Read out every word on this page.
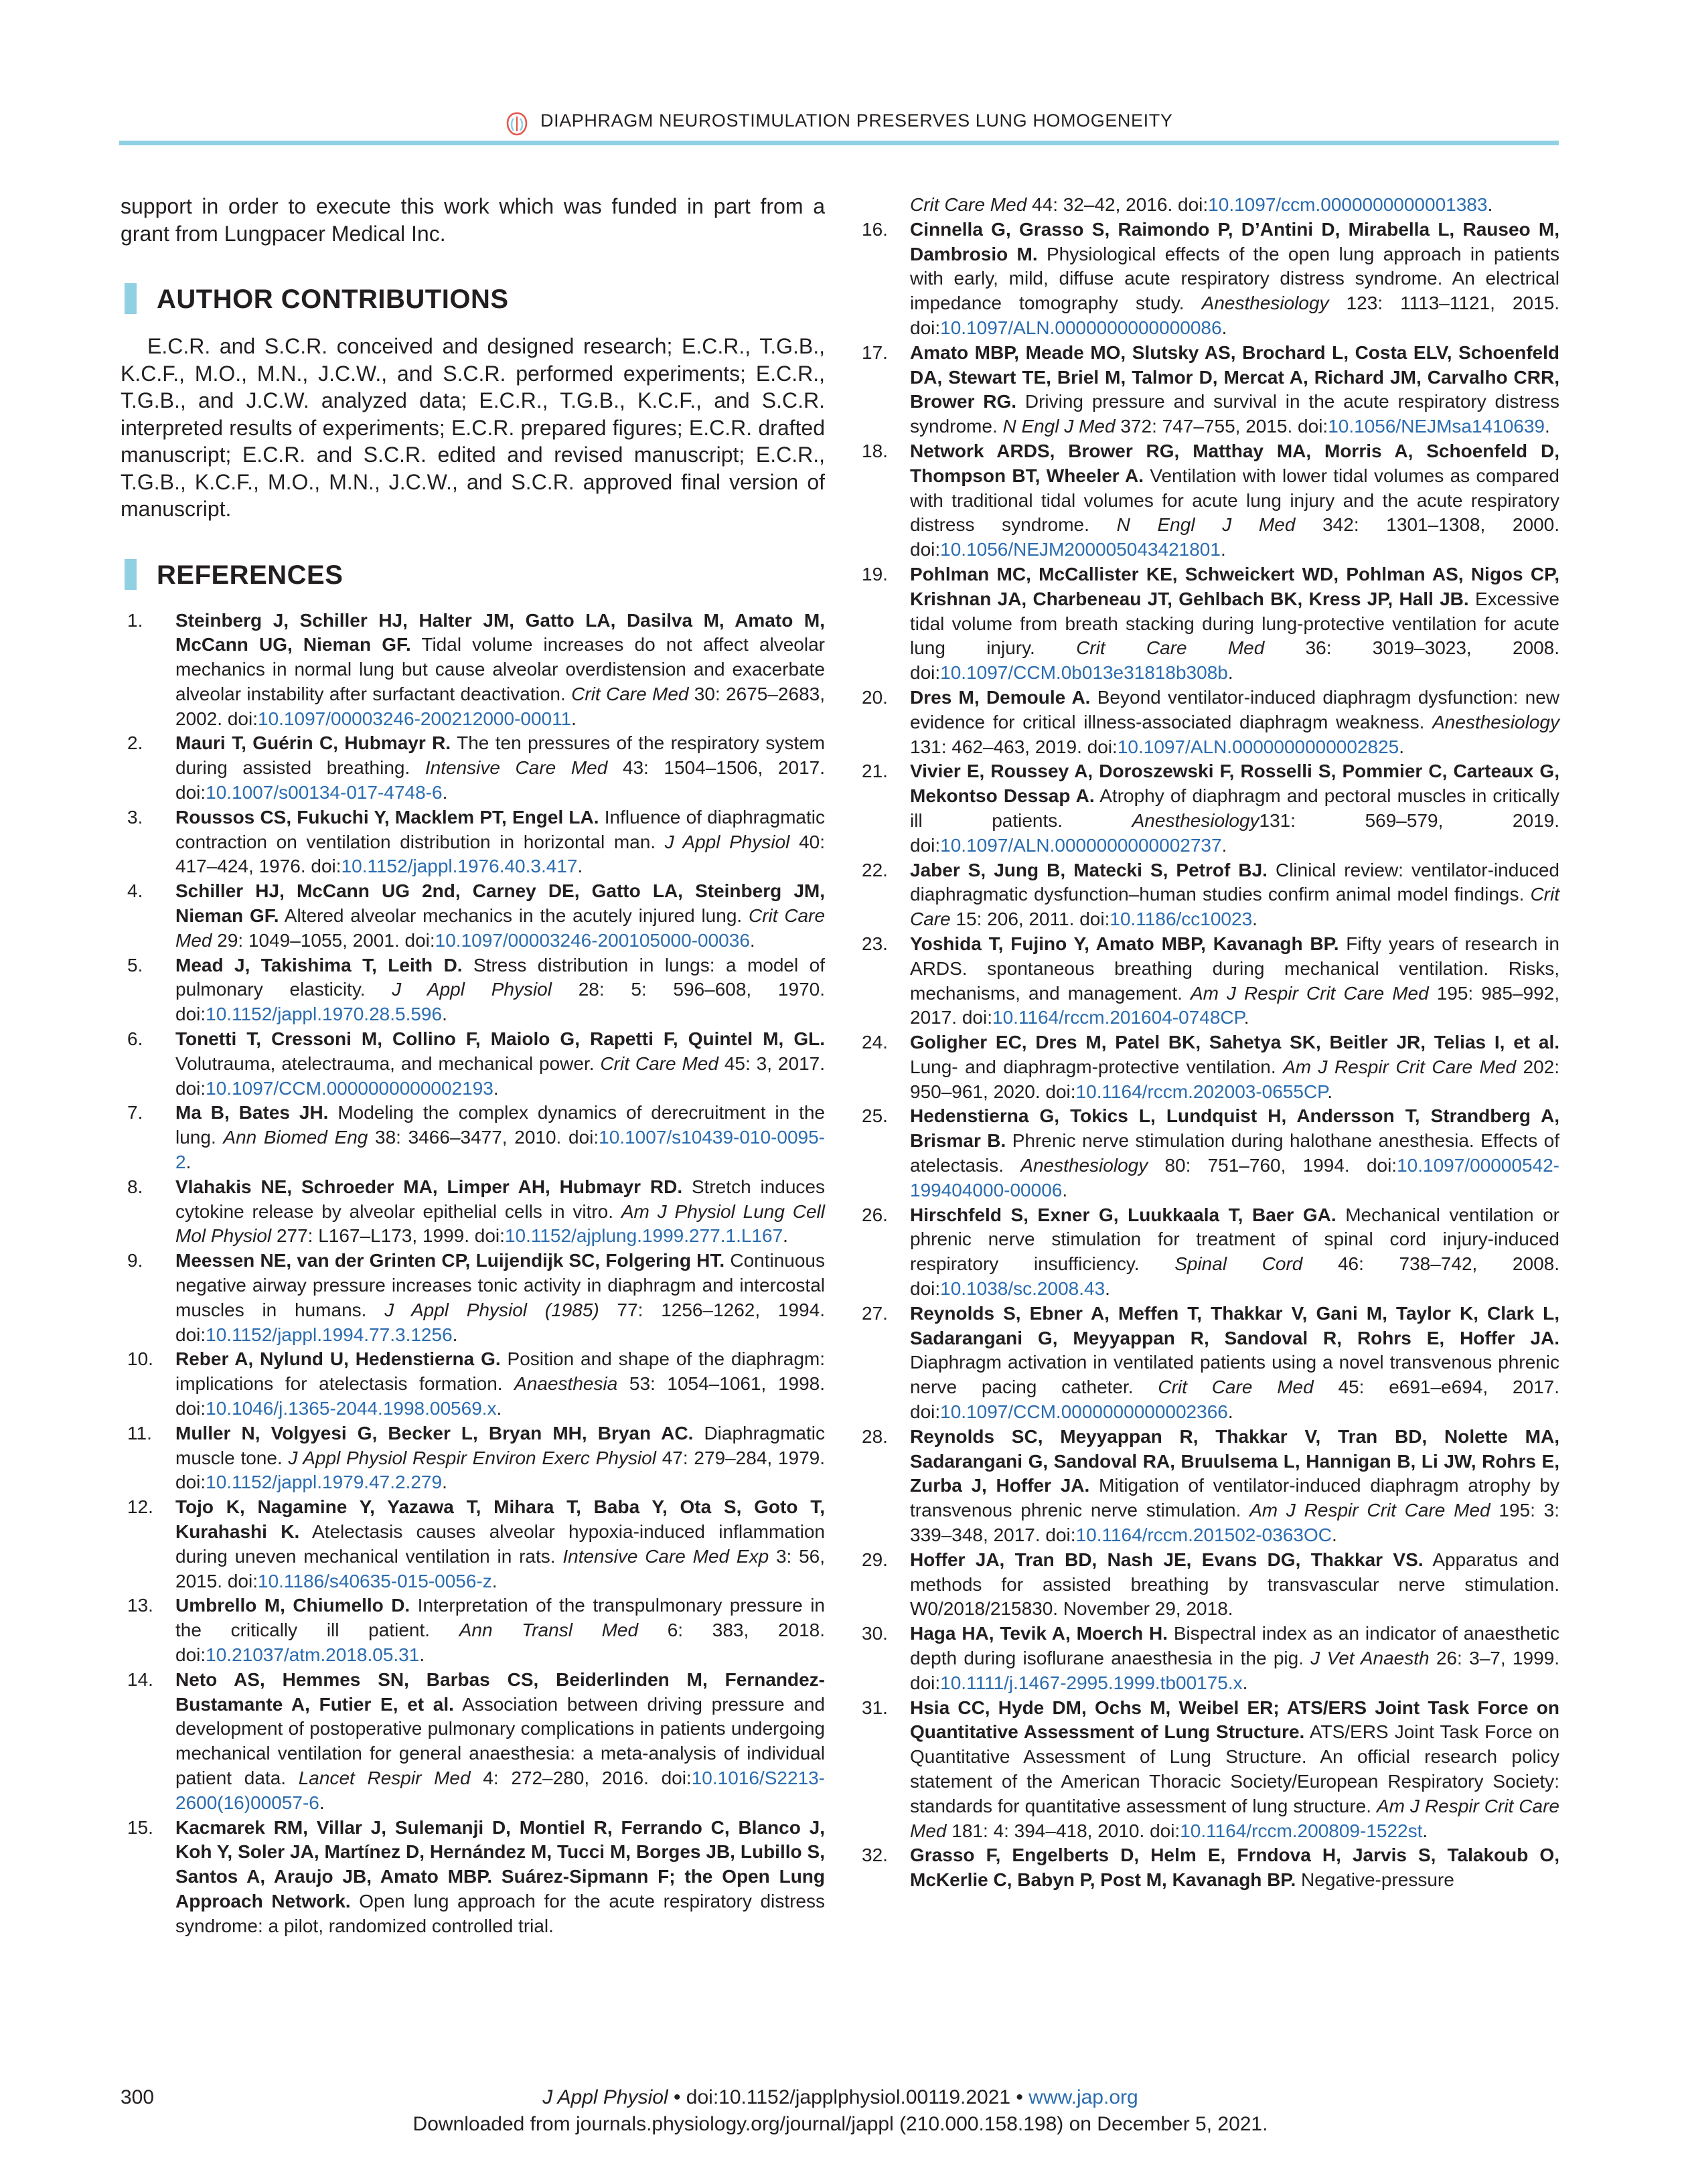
DIAPHRAGM NEUROSTIMULATION PRESERVES LUNG HOMOGENEITY

support in order to execute this work which was funded in part from a grant from Lungpacer Medical Inc.

AUTHOR CONTRIBUTIONS

E.C.R. and S.C.R. conceived and designed research; E.C.R., T.G.B., K.C.F., M.O., M.N., J.C.W., and S.C.R. performed experiments; E.C.R., T.G.B., and J.C.W. analyzed data; E.C.R., T.G.B., K.C.F., and S.C.R. interpreted results of experiments; E.C.R. prepared figures; E.C.R. drafted manuscript; E.C.R. and S.C.R. edited and revised manuscript; E.C.R., T.G.B., K.C.F., M.O., M.N., J.C.W., and S.C.R. approved final version of manuscript.

REFERENCES
1. Steinberg J, Schiller HJ, Halter JM, Gatto LA, Dasilva M, Amato M, McCann UG, Nieman GF. Tidal volume increases do not affect alveolar mechanics in normal lung but cause alveolar overdistension and exacerbate alveolar instability after surfactant deactivation. Crit Care Med 30: 2675–2683, 2002. doi:10.1097/00003246-200212000-00011.
2. Mauri T, Guérin C, Hubmayr R. The ten pressures of the respiratory system during assisted breathing. Intensive Care Med 43: 1504–1506, 2017. doi:10.1007/s00134-017-4748-6.
3. Roussos CS, Fukuchi Y, Macklem PT, Engel LA. Influence of diaphragmatic contraction on ventilation distribution in horizontal man. J Appl Physiol 40: 417–424, 1976. doi:10.1152/jappl.1976.40.3.417.
4. Schiller HJ, McCann UG 2nd, Carney DE, Gatto LA, Steinberg JM, Nieman GF. Altered alveolar mechanics in the acutely injured lung. Crit Care Med 29: 1049–1055, 2001. doi:10.1097/00003246-200105000-00036.
5. Mead J, Takishima T, Leith D. Stress distribution in lungs: a model of pulmonary elasticity. J Appl Physiol 28: 5: 596–608, 1970. doi:10.1152/jappl.1970.28.5.596.
6. Tonetti T, Cressoni M, Collino F, Maiolo G, Rapetti F, Quintel M, GL. Volutrauma, atelectrauma, and mechanical power. Crit Care Med 45: 3, 2017. doi:10.1097/CCM.0000000000002193.
7. Ma B, Bates JH. Modeling the complex dynamics of derecruitment in the lung. Ann Biomed Eng 38: 3466–3477, 2010. doi:10.1007/s10439-010-0095-2.
8. Vlahakis NE, Schroeder MA, Limper AH, Hubmayr RD. Stretch induces cytokine release by alveolar epithelial cells in vitro. Am J Physiol Lung Cell Mol Physiol 277: L167–L173, 1999. doi:10.1152/ajplung.1999.277.1.L167.
9. Meessen NE, van der Grinten CP, Luijendijk SC, Folgering HT. Continuous negative airway pressure increases tonic activity in diaphragm and intercostal muscles in humans. J Appl Physiol (1985) 77: 1256–1262, 1994. doi:10.1152/jappl.1994.77.3.1256.
10. Reber A, Nylund U, Hedenstierna G. Position and shape of the diaphragm: implications for atelectasis formation. Anaesthesia 53: 1054–1061, 1998. doi:10.1046/j.1365-2044.1998.00569.x.
11. Muller N, Volgyesi G, Becker L, Bryan MH, Bryan AC. Diaphragmatic muscle tone. J Appl Physiol Respir Environ Exerc Physiol 47: 279–284, 1979. doi:10.1152/jappl.1979.47.2.279.
12. Tojo K, Nagamine Y, Yazawa T, Mihara T, Baba Y, Ota S, Goto T, Kurahashi K. Atelectasis causes alveolar hypoxia-induced inflammation during uneven mechanical ventilation in rats. Intensive Care Med Exp 3: 56, 2015. doi:10.1186/s40635-015-0056-z.
13. Umbrello M, Chiumello D. Interpretation of the transpulmonary pressure in the critically ill patient. Ann Transl Med 6: 383, 2018. doi:10.21037/atm.2018.05.31.
14. Neto AS, Hemmes SN, Barbas CS, Beiderlinden M, Fernandez-Bustamante A, Futier E, et al. Association between driving pressure and development of postoperative pulmonary complications in patients undergoing mechanical ventilation for general anaesthesia: a meta-analysis of individual patient data. Lancet Respir Med 4: 272–280, 2016. doi:10.1016/S2213-2600(16)00057-6.
15. Kacmarek RM, Villar J, Sulemanji D, Montiel R, Ferrando C, Blanco J, Koh Y, Soler JA, Martínez D, Hernández M, Tucci M, Borges JB, Lubillo S, Santos A, Araujo JB, Amato MBP. Suárez-Sipmann F; the Open Lung Approach Network. Open lung approach for the acute respiratory distress syndrome: a pilot, randomized controlled trial.
Crit Care Med 44: 32–42, 2016. doi:10.1097/ccm.0000000000001383.
16. Cinnella G, Grasso S, Raimondo P, D’Antini D, Mirabella L, Rauseo M, Dambrosio M. Physiological effects of the open lung approach in patients with early, mild, diffuse acute respiratory distress syndrome. An electrical impedance tomography study. Anesthesiology 123: 1113–1121, 2015. doi:10.1097/ALN.0000000000000086.
17. Amato MBP, Meade MO, Slutsky AS, Brochard L, Costa ELV, Schoenfeld DA, Stewart TE, Briel M, Talmor D, Mercat A, Richard JM, Carvalho CRR, Brower RG. Driving pressure and survival in the acute respiratory distress syndrome. N Engl J Med 372: 747–755, 2015. doi:10.1056/NEJMsa1410639.
18. Network ARDS, Brower RG, Matthay MA, Morris A, Schoenfeld D, Thompson BT, Wheeler A. Ventilation with lower tidal volumes as compared with traditional tidal volumes for acute lung injury and the acute respiratory distress syndrome. N Engl J Med 342: 1301–1308, 2000. doi:10.1056/NEJM200005043421801.
19. Pohlman MC, McCallister KE, Schweickert WD, Pohlman AS, Nigos CP, Krishnan JA, Charbeneau JT, Gehlbach BK, Kress JP, Hall JB. Excessive tidal volume from breath stacking during lung-protective ventilation for acute lung injury. Crit Care Med 36: 3019–3023, 2008. doi:10.1097/CCM.0b013e31818b308b.
20. Dres M, Demoule A. Beyond ventilator-induced diaphragm dysfunction: new evidence for critical illness-associated diaphragm weakness. Anesthesiology 131: 462–463, 2019. doi:10.1097/ALN.0000000000002825.
21. Vivier E, Roussey A, Doroszewski F, Rosselli S, Pommier C, Carteaux G, Mekontso Dessap A. Atrophy of diaphragm and pectoral muscles in critically ill patients. Anesthesiology131: 569–579, 2019. doi:10.1097/ALN.0000000000002737.
22. Jaber S, Jung B, Matecki S, Petrof BJ. Clinical review: ventilator-induced diaphragmatic dysfunction–human studies confirm animal model findings. Crit Care 15: 206, 2011. doi:10.1186/cc10023.
23. Yoshida T, Fujino Y, Amato MBP, Kavanagh BP. Fifty years of research in ARDS. spontaneous breathing during mechanical ventilation. Risks, mechanisms, and management. Am J Respir Crit Care Med 195: 985–992, 2017. doi:10.1164/rccm.201604-0748CP.
24. Goligher EC, Dres M, Patel BK, Sahetya SK, Beitler JR, Telias I, et al. Lung- and diaphragm-protective ventilation. Am J Respir Crit Care Med 202: 950–961, 2020. doi:10.1164/rccm.202003-0655CP.
25. Hedenstierna G, Tokics L, Lundquist H, Andersson T, Strandberg A, Brismar B. Phrenic nerve stimulation during halothane anesthesia. Effects of atelectasis. Anesthesiology 80: 751–760, 1994. doi:10.1097/00000542-199404000-00006.
26. Hirschfeld S, Exner G, Luukkaala T, Baer GA. Mechanical ventilation or phrenic nerve stimulation for treatment of spinal cord injury-induced respiratory insufficiency. Spinal Cord 46: 738–742, 2008. doi:10.1038/sc.2008.43.
27. Reynolds S, Ebner A, Meffen T, Thakkar V, Gani M, Taylor K, Clark L, Sadarangani G, Meyyappan R, Sandoval R, Rohrs E, Hoffer JA. Diaphragm activation in ventilated patients using a novel transvenous phrenic nerve pacing catheter. Crit Care Med 45: e691–e694, 2017. doi:10.1097/CCM.0000000000002366.
28. Reynolds SC, Meyyappan R, Thakkar V, Tran BD, Nolette MA, Sadarangani G, Sandoval RA, Bruulsema L, Hannigan B, Li JW, Rohrs E, Zurba J, Hoffer JA. Mitigation of ventilator-induced diaphragm atrophy by transvenous phrenic nerve stimulation. Am J Respir Crit Care Med 195: 3: 339–348, 2017. doi:10.1164/rccm.201502-0363OC.
29. Hoffer JA, Tran BD, Nash JE, Evans DG, Thakkar VS. Apparatus and methods for assisted breathing by transvascular nerve stimulation. W0/2018/215830. November 29, 2018.
30. Haga HA, Tevik A, Moerch H. Bispectral index as an indicator of anaesthetic depth during isoflurane anaesthesia in the pig. J Vet Anaesth 26: 3–7, 1999. doi:10.1111/j.1467-2995.1999.tb00175.x.
31. Hsia CC, Hyde DM, Ochs M, Weibel ER; ATS/ERS Joint Task Force on Quantitative Assessment of Lung Structure. ATS/ERS Joint Task Force on Quantitative Assessment of Lung Structure. An official research policy statement of the American Thoracic Society/European Respiratory Society: standards for quantitative assessment of lung structure. Am J Respir Crit Care Med 181: 4: 394–418, 2010. doi:10.1164/rccm.200809-1522st.
32. Grasso F, Engelberts D, Helm E, Frndova H, Jarvis S, Talakoub O, McKerlie C, Babyn P, Post M, Kavanagh BP. Negative-pressure
300	J Appl Physiol • doi:10.1152/japplphysiol.00119.2021 • www.jap.org
Downloaded from journals.physiology.org/journal/jappl (210.000.158.198) on December 5, 2021.
